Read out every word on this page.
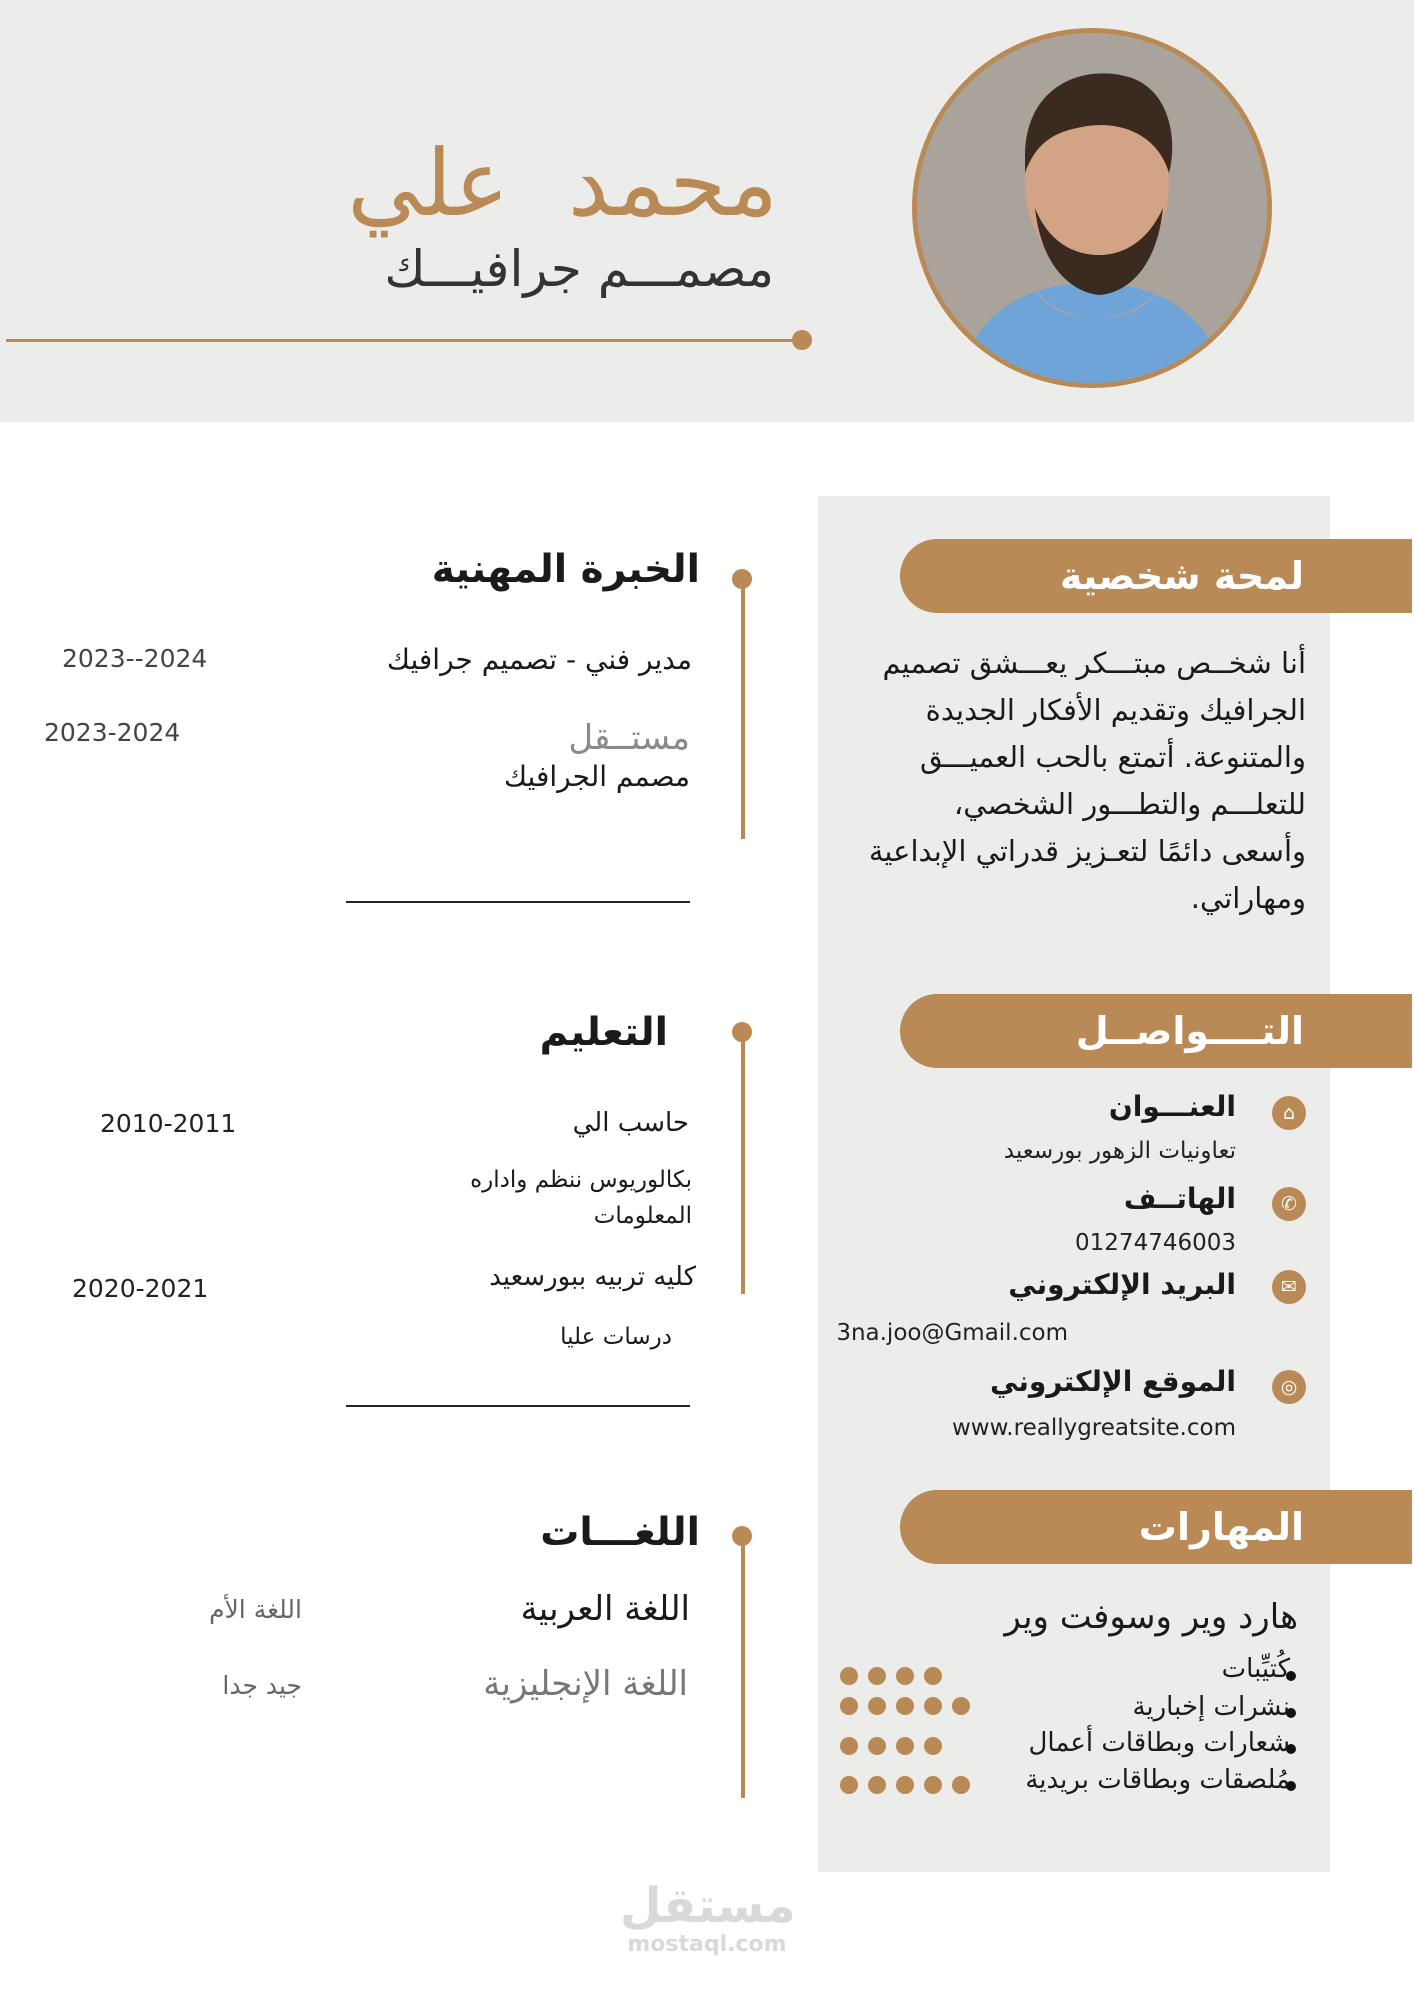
محمد  علي
مصمـــم جرافيـــك
لمحة شخصية
أنا شخــص مبتـــكر يعـــشق تصميم الجرافيك وتقديم الأفكار الجديدة والمتنوعة. أتمتع بالحب العميـــق للتعلـــم والتطـــور الشخصي، وأسعى دائمًا لتعـزيز قدراتي الإبداعية ومهاراتي.
التــــواصــل
⌂
العنـــوان
تعاونيات الزهور بورسعيد
✆
الهاتــف
01274746003
✉
البريد الإلكتروني
3na.joo@Gmail.com
◎
الموقع الإلكتروني
www.reallygreatsite.com
المهارات
هارد وير وسوفت وير
كُتيِّبات
نشرات إخبارية
شعارات وبطاقات أعمال
مُلصقات وبطاقات بريدية
الخبرة المهنية
مدير فني - تصميم جرافيك
2023--2024
مستــقل
مصمم الجرافيك
2023-2024
التعليم
حاسب الي
بكالوريوس ننظم واداره المعلومات
2010-2011
كليه تربيه ببورسعيد
درسات عليا
2020-2021
اللغـــات
اللغة العربية
اللغة الأم
اللغة الإنجليزية
جيد جدا
مستقل
mostaql.com
